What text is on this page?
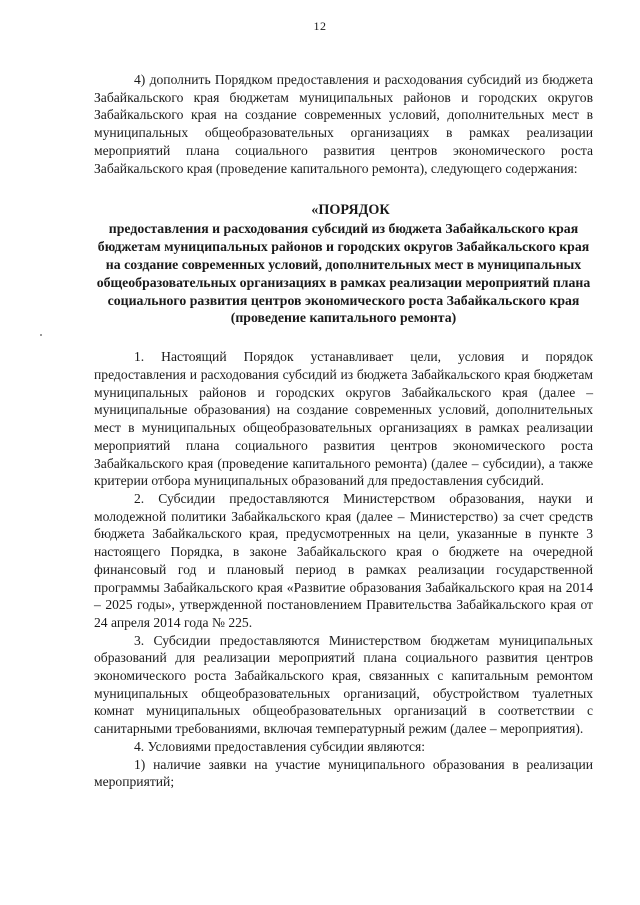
12

4) дополнить Порядком предоставления и расходования субсидий из бюджета Забайкальского края бюджетам муниципальных районов и городских округов Забайкальского края на создание современных условий, дополнительных мест в муниципальных общеобразовательных организациях в рамках реализации мероприятий плана социального развития центров экономического роста Забайкальского края (проведение капитального ремонта), следующего содержания:

«ПОРЯДОК

предоставления и расходования субсидий из бюджета Забайкальского края бюджетам муниципальных районов и городских округов Забайкальского края на создание современных условий, дополнительных мест в муниципальных общеобразовательных организациях в рамках реализации мероприятий плана социального развития центров экономического роста Забайкальского края (проведение капитального ремонта)

1. Настоящий Порядок устанавливает цели, условия и порядок предоставления и расходования субсидий из бюджета Забайкальского края бюджетам муниципальных районов и городских округов Забайкальского края (далее – муниципальные образования) на создание современных условий, дополнительных мест в муниципальных общеобразовательных организациях в рамках реализации мероприятий плана социального развития центров экономического роста Забайкальского края (проведение капитального ремонта) (далее – субсидии), а также критерии отбора муниципальных образований для предоставления субсидий.

2. Субсидии предоставляются Министерством образования, науки и молодежной политики Забайкальского края (далее – Министерство) за счет средств бюджета Забайкальского края, предусмотренных на цели, указанные в пункте 3 настоящего Порядка, в законе Забайкальского края о бюджете на очередной финансовый год и плановый период в рамках реализации государственной программы Забайкальского края «Развитие образования Забайкальского края на 2014 – 2025 годы», утвержденной постановлением Правительства Забайкальского края от 24 апреля 2014 года № 225.

3. Субсидии предоставляются Министерством бюджетам муниципальных образований для реализации мероприятий плана социального развития центров экономического роста Забайкальского края, связанных с капитальным ремонтом муниципальных общеобразовательных организаций, обустройством туалетных комнат муниципальных общеобразовательных организаций в соответствии с санитарными требованиями, включая температурный режим (далее – мероприятия).

4. Условиями предоставления субсидии являются:

1) наличие заявки на участие муниципального образования в реализации мероприятий;
